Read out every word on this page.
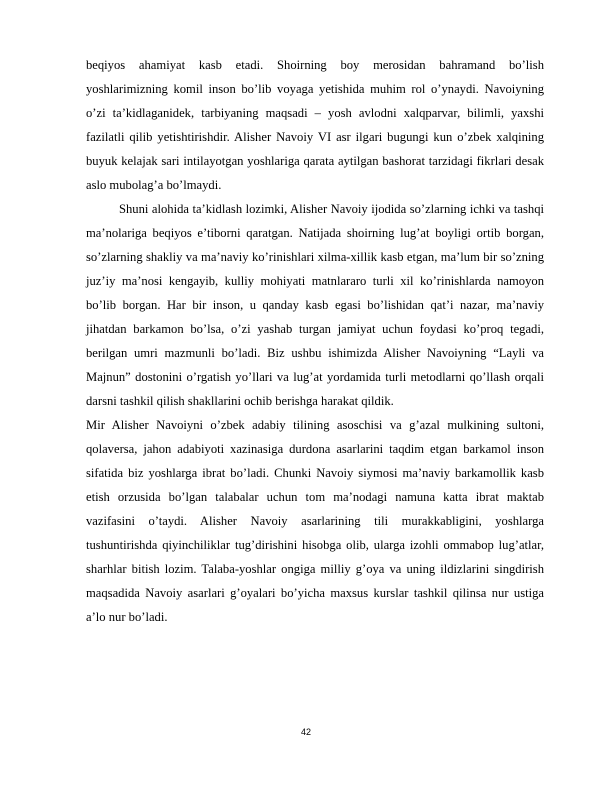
beqiyos ahamiyat kasb etadi. Shoirning boy merosidan bahramand bo’lish yoshlarimizning komil inson bo’lib voyaga yetishida muhim rol o’ynaydi. Navoiyning o’zi ta’kidlaganidek, tarbiyaning maqsadi – yosh avlodni xalqparvar, bilimli, yaxshi fazilatli qilib yetishtirishdir. Alisher Navoiy VI asr ilgari bugungi kun o’zbek xalqining buyuk kelajak sari intilayotgan yoshlariga qarata aytilgan bashorat tarzidagi fikrlari desak aslo mubolag’a bo’lmaydi.

Shuni alohida ta’kidlash lozimki, Alisher Navoiy ijodida so’zlarning ichki va tashqi ma’nolariga beqiyos e’tiborni qaratgan. Natijada shoirning lug’at boyligi ortib borgan, so’zlarning shakliy va ma’naviy ko’rinishlari xilma-xillik kasb etgan, ma’lum bir so’zning juz’iy ma’nosi kengayib, kulliy mohiyati matnlararo turli xil ko’rinishlarda namoyon bo’lib borgan. Har bir inson, u qanday kasb egasi bo’lishidan qat’i nazar, ma’naviy jihatdan barkamon bo’lsa, o’zi yashab turgan jamiyat uchun foydasi ko’proq tegadi, berilgan umri mazmunli bo’ladi. Biz ushbu ishimizda Alisher Navoiyning “Layli va Majnun” dostonini o’rgatish yo’llari va lug’at yordamida turli metodlarni qo’llash orqali darsni tashkil qilish shakllarini ochib berishga harakat qildik.

Mir Alisher Navoiyni o’zbek adabiy tilining asoschisi va g’azal mulkining sultoni, qolaversa, jahon adabiyoti xazinasiga durdona asarlarini taqdim etgan barkamol inson sifatida biz yoshlarga ibrat bo’ladi. Chunki Navoiy siymosi ma’naviy barkamollik kasb etish orzusida bo’lgan talabalar uchun tom ma’nodagi namuna katta ibrat maktab vazifasini o’taydi. Alisher Navoiy asarlarining tili murakkabligini, yoshlarga tushuntirishda qiyinchiliklar tug’dirishini hisobga olib, ularga izohli ommabop lug’atlar, sharhlar bitish lozim. Talaba-yoshlar ongiga milliy g’oya va uning ildizlarini singdirish maqsadida Navoiy asarlari g’oyalari bo’yicha maxsus kurslar tashkil qilinsa nur ustiga a’lo nur bo’ladi.

42
